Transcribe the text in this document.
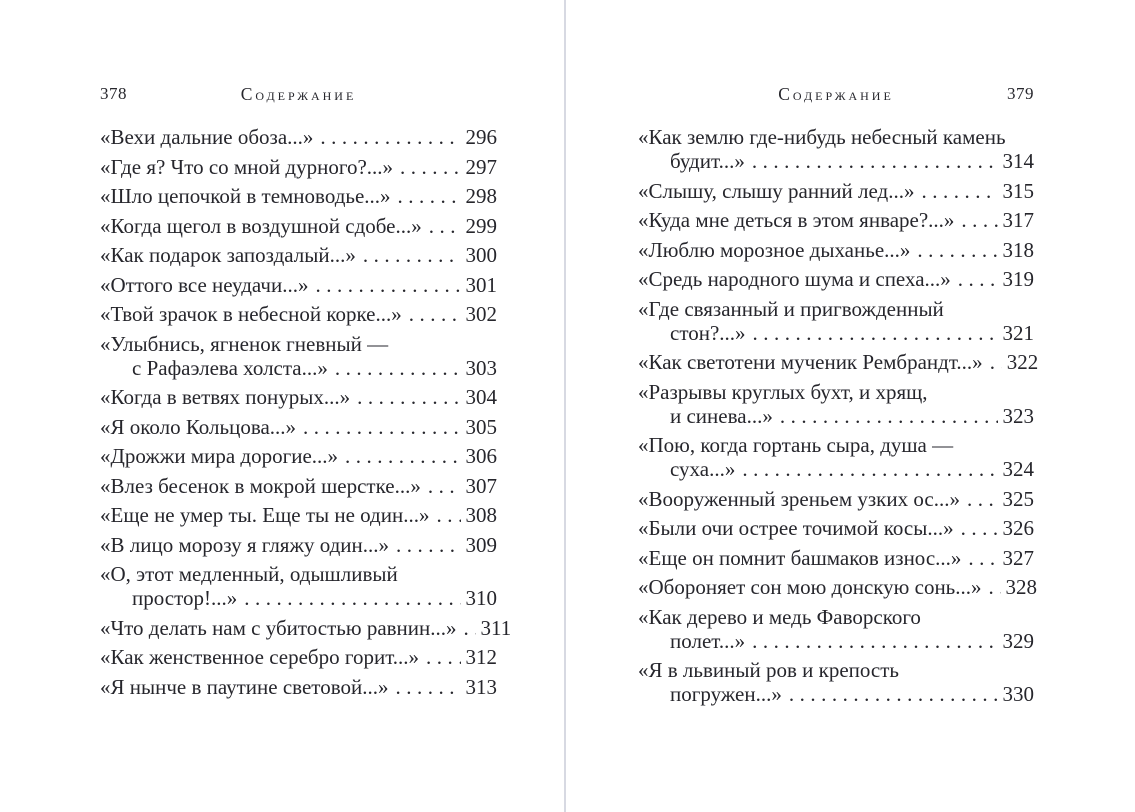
378	Содержание
«Вехи дальние обоза...» .....	296
«Где я? Что со мной дурного?...» .....	297
«Шло цепочкой в темноводье...» .....	298
«Когда щегол в воздушной сдобе...» ..... 299
«Как подарок запоздалый...» .....	300
«Оттого все неудачи...» .....	301
«Твой зрачок в небесной корке...» .....	302
«Улыбнись, ягненок гневный —
с Рафаэлева холста...» .....	303
«Когда в ветвях понурых...» .....	304
«Я около Кольцова...» .....	305
«Дрожжи мира дорогие...» .....	306
«Влез бесенок в мокрой шерстке...» ..... 307
«Еще не умер ты. Еще ты не один...» ..... 308
«В лицо морозу я гляжу один...» .....	309
«О, этот медленный, одышливый
простор!...» .....	310
«Что делать нам с убитостью равнин...» ..... 311
«Как женственное серебро горит...» ..... 312
«Я нынче в паутине световой...» .....	313
Содержание	379
«Как землю где-нибудь небесный камень
будит...» .....	314
«Слышу, слышу ранний лед...» .....	315
«Куда мне деться в этом январе?...» ..... 317
«Люблю морозное дыханье...» .....	318
«Средь народного шума и спеха...» ..... 319
«Где связанный и пригвожденный
стон?...» .....	321
«Как светотени мученик Рембрандт...» ..... 322
«Разрывы круглых бухт, и хрящ,
и синева...» .....	323
«Пою, когда гортань сыра, душа —
суха...» .....	324
«Вооруженный зреньем узких ос...» ..... 325
«Были очи острее точимой косы...» ..... 326
«Еще он помнит башмаков износ...» ..... 327
«Обороняет сон мою донскую сонь...» ..... 328
«Как дерево и медь Фаворского
полет...» .....	329
«Я в львиный ров и крепость
погружен...» .....	330
